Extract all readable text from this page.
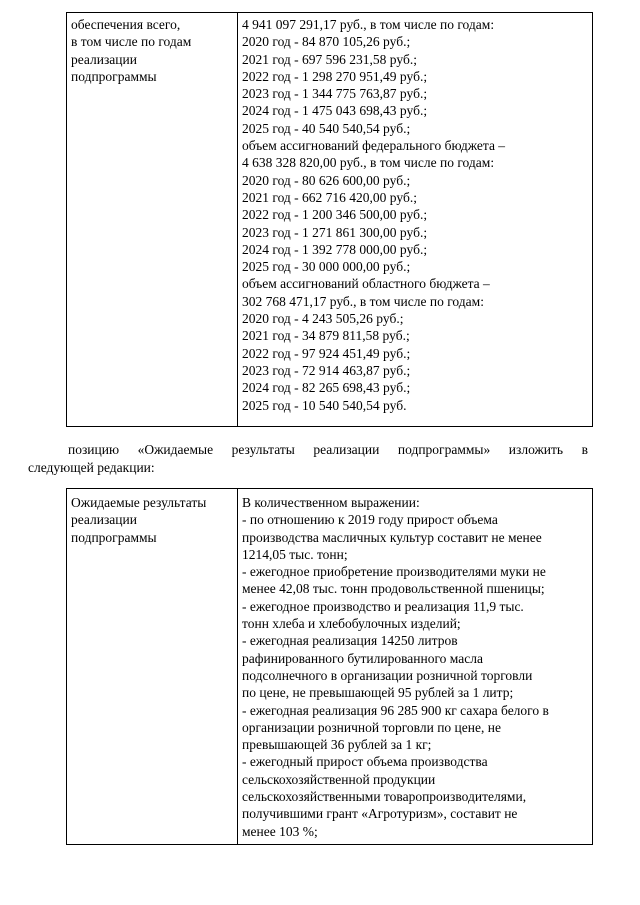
обеспечения всего,
в том числе по годам
реализации
подпрограммы

4 941 097 291,17 руб., в том числе по годам:
2020 год - 84 870 105,26 руб.;
2021 год - 697 596 231,58 руб.;
2022 год - 1 298 270 951,49 руб.;
2023 год - 1 344 775 763,87 руб.;
2024 год - 1 475 043 698,43 руб.;
2025 год - 40 540 540,54 руб.;
объем ассигнований федерального бюджета –
4 638 328 820,00 руб., в том числе по годам:
2020 год - 80 626 600,00 руб.;
2021 год - 662 716 420,00 руб.;
2022 год - 1 200 346 500,00 руб.;
2023 год - 1 271 861 300,00 руб.;
2024 год - 1 392 778 000,00 руб.;
2025 год - 30 000 000,00 руб.;
объем ассигнований областного бюджета –
302 768 471,17 руб., в том числе по годам:
2020 год - 4 243 505,26 руб.;
2021 год - 34 879 811,58 руб.;
2022 год - 97 924 451,49 руб.;
2023 год - 72 914 463,87 руб.;
2024 год - 82 265 698,43 руб.;
2025 год - 10 540 540,54 руб.
позицию «Ожидаемые результаты реализации подпрограммы» изложить в
следующей редакции:
Ожидаемые результаты
реализации
подпрограммы

В количественном выражении:
- по отношению к 2019 году прирост объема
производства масличных культур составит не менее
1214,05 тыс. тонн;
- ежегодное приобретение производителями муки не
менее 42,08 тыс. тонн продовольственной пшеницы;
- ежегодное производство и реализация 11,9 тыс.
тонн хлеба и хлебобулочных изделий;
- ежегодная реализация 14250 литров
рафинированного бутилированного масла
подсолнечного в организации розничной торговли
по цене, не превышающей 95 рублей за 1 литр;
- ежегодная реализация 96 285 900 кг сахара белого в
организации розничной торговли по цене, не
превышающей 36 рублей за 1 кг;
- ежегодный прирост объема производства
сельскохозяйственной продукции
сельскохозяйственными товаропроизводителями,
получившими грант «Агротуризм», составит не
менее 103 %;
